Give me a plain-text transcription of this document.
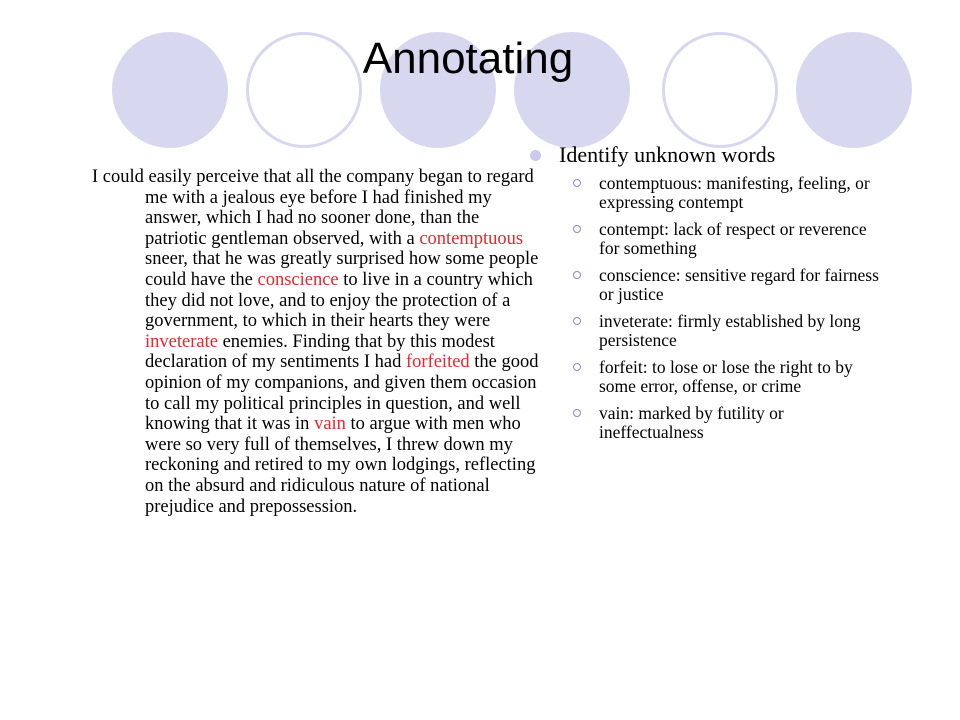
Annotating

I could easily perceive that all the company began to regard me with a jealous eye before I had finished my answer, which I had no sooner done, than the patriotic gentleman observed, with a contemptuous sneer, that he was greatly surprised how some people could have the conscience to live in a country which they did not love, and to enjoy the protection of a government, to which in their hearts they were inveterate enemies. Finding that by this modest declaration of my sentiments I had forfeited the good opinion of my companions, and given them occasion to call my political principles in question, and well knowing that it was in vain to argue with men who were so very full of themselves, I threw down my reckoning and retired to my own lodgings, reflecting on the absurd and ridiculous nature of national prejudice and prepossession.

Identify unknown words
contemptuous: manifesting, feeling, or expressing contempt
contempt: lack of respect or reverence for something
conscience: sensitive regard for fairness or justice
inveterate: firmly established by long persistence
forfeit: to lose or lose the right to by some error, offense, or crime
vain: marked by futility or ineffectualness
